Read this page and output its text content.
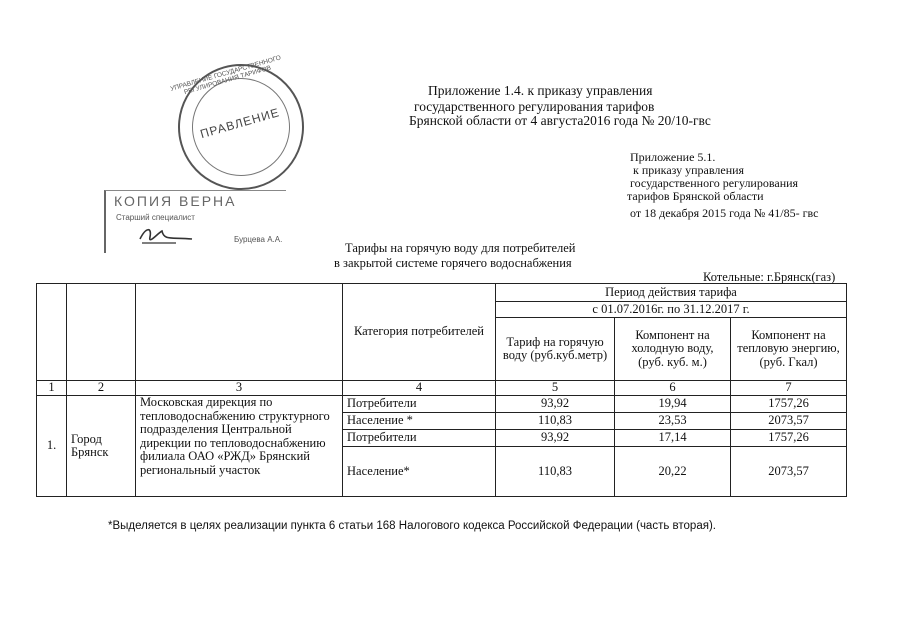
Приложение 1.4. к приказу управления
государственного регулирования тарифов
Брянской области от 4 августа2016 года № 20/10-гвс
Приложение 5.1.
к приказу управления
государственного регулирования
тарифов Брянской области
от 18 декабря 2015 года № 41/85- гвс
УПРАВЛЕНИЕ ГОСУДАРСТВЕННОГО РЕГУЛИРОВАНИЯ ТАРИФОВ
ПРАВЛЕНИЕ
КОПИЯ ВЕРНА
Старший специалист
Бурцева А.А.
Тарифы на горячую воду для потребителей
в закрытой системе горячего водоснабжения
Котельные: г.Брянск(газ)
			Категория потребителей	Период действия тарифа		
				с 01.07.2016г. по 31.12.2017 г.		
				Тариф на горячую воду (руб.куб.метр)	Компонент на холодную воду, (руб. куб. м.)	Компонент на тепловую энергию, (руб. Гкал)
1	2	3	4	5	6	7
1.	Город Брянск	Московская дирекция по тепловодоснабжению структурного подразделения Центральной дирекции по тепловодоснабжению филиала ОАО «РЖД» Брянский региональный участок	Потребители	93,92	19,94	1757,26
			Население *	110,83	23,53	2073,57
			Потребители	93,92	17,14	1757,26
			Население*	110,83	20,22	2073,57
*Выделяется в целях реализации пункта 6 статьи 168 Налогового кодекса Российской Федерации (часть вторая).
